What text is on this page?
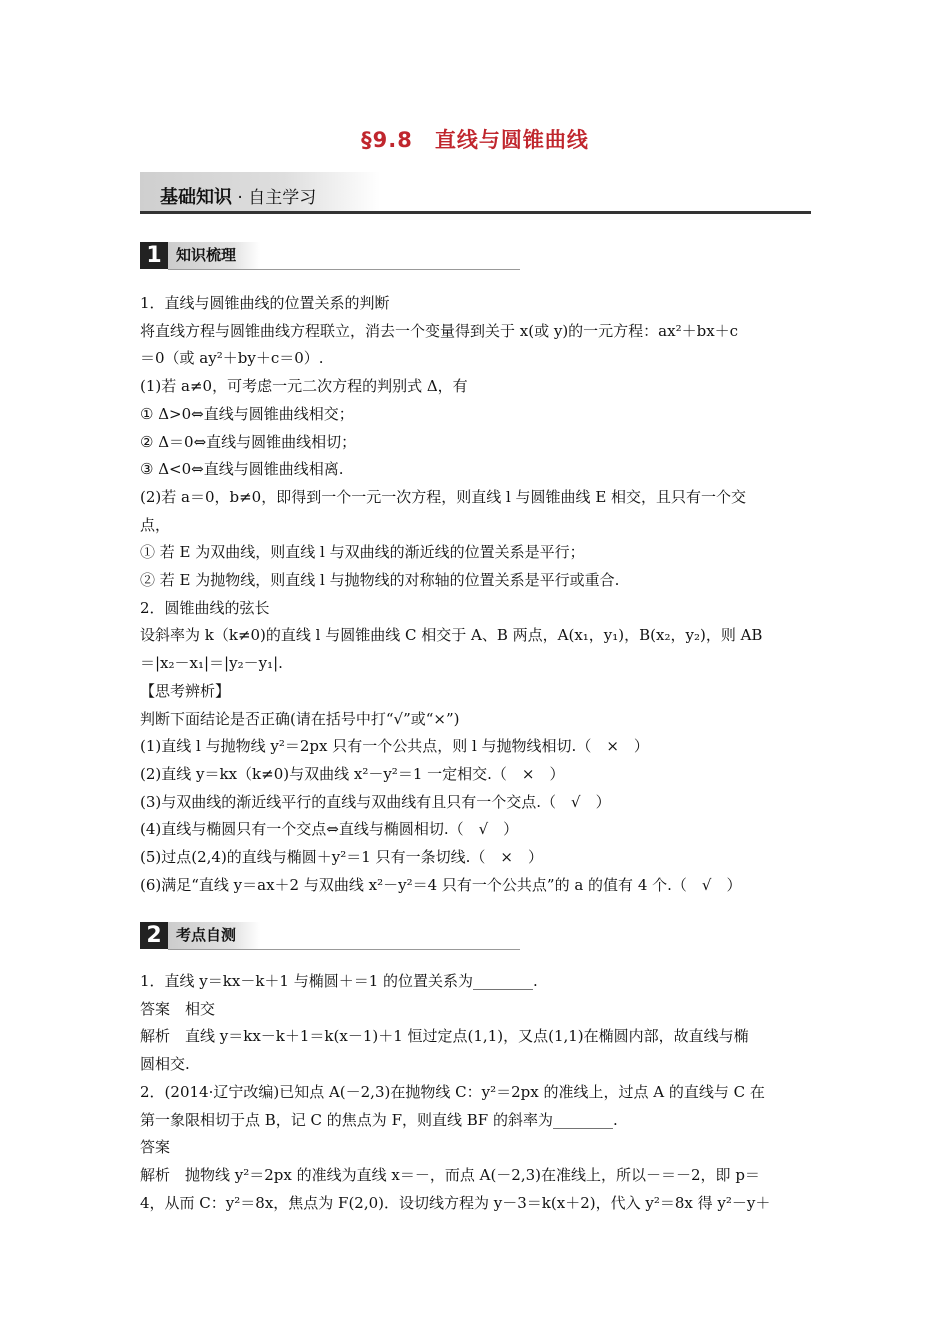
§9.8　直线与圆锥曲线
基础知识 · 自主学习
1 知识梳理

1．直线与圆锥曲线的位置关系的判断

将直线方程与圆锥曲线方程联立，消去一个变量得到关于 x(或 y)的一元方程：ax²＋bx＋c

＝0（或 ay²＋by＋c＝0）.

(1)若 a≠0，可考虑一元二次方程的判别式 Δ，有

① Δ>0⇔直线与圆锥曲线相交；

② Δ＝0⇔直线与圆锥曲线相切；

③ Δ<0⇔直线与圆锥曲线相离.

(2)若 a＝0，b≠0，即得到一个一元一次方程，则直线 l 与圆锥曲线 E 相交，且只有一个交

点，

① 若 E 为双曲线，则直线 l 与双曲线的渐近线的位置关系是平行；

② 若 E 为抛物线，则直线 l 与抛物线的对称轴的位置关系是平行或重合.

2．圆锥曲线的弦长

设斜率为 k（k≠0)的直线 l 与圆锥曲线 C 相交于 A、B 两点，A(x₁，y₁)，B(x₂，y₂)，则 AB

＝|x₂－x₁|＝|y₂－y₁|.

【思考辨析】

判断下面结论是否正确(请在括号中打“√”或“×”)

(1)直线 l 与抛物线 y²＝2px 只有一个公共点，则 l 与抛物线相切.（　×　）

(2)直线 y＝kx（k≠0)与双曲线 x²－y²＝1 一定相交.（　×　）

(3)与双曲线的渐近线平行的直线与双曲线有且只有一个交点.（　√　）

(4)直线与椭圆只有一个交点⇔直线与椭圆相切.（　√　）

(5)过点(2,4)的直线与椭圆＋y²＝1 只有一条切线.（　×　）

(6)满足“直线 y＝ax＋2 与双曲线 x²－y²＝4 只有一个公共点”的 a 的值有 4 个.（　√　）

2 考点自测

1．直线 y＝kx－k＋1 与椭圆＋＝1 的位置关系为________.

答案　相交

解析　直线 y＝kx－k＋1＝k(x－1)＋1 恒过定点(1,1)，又点(1,1)在椭圆内部，故直线与椭

圆相交.

2．(2014·辽宁改编)已知点 A(－2,3)在抛物线 C：y²＝2px 的准线上，过点 A 的直线与 C 在

第一象限相切于点 B，记 C 的焦点为 F，则直线 BF 的斜率为________.

答案

解析　抛物线 y²＝2px 的准线为直线 x＝－，而点 A(－2,3)在准线上，所以－＝－2，即 p＝

4，从而 C：y²＝8x，焦点为 F(2,0)．设切线方程为 y－3＝k(x＋2)，代入 y²＝8x 得 y²－y＋
